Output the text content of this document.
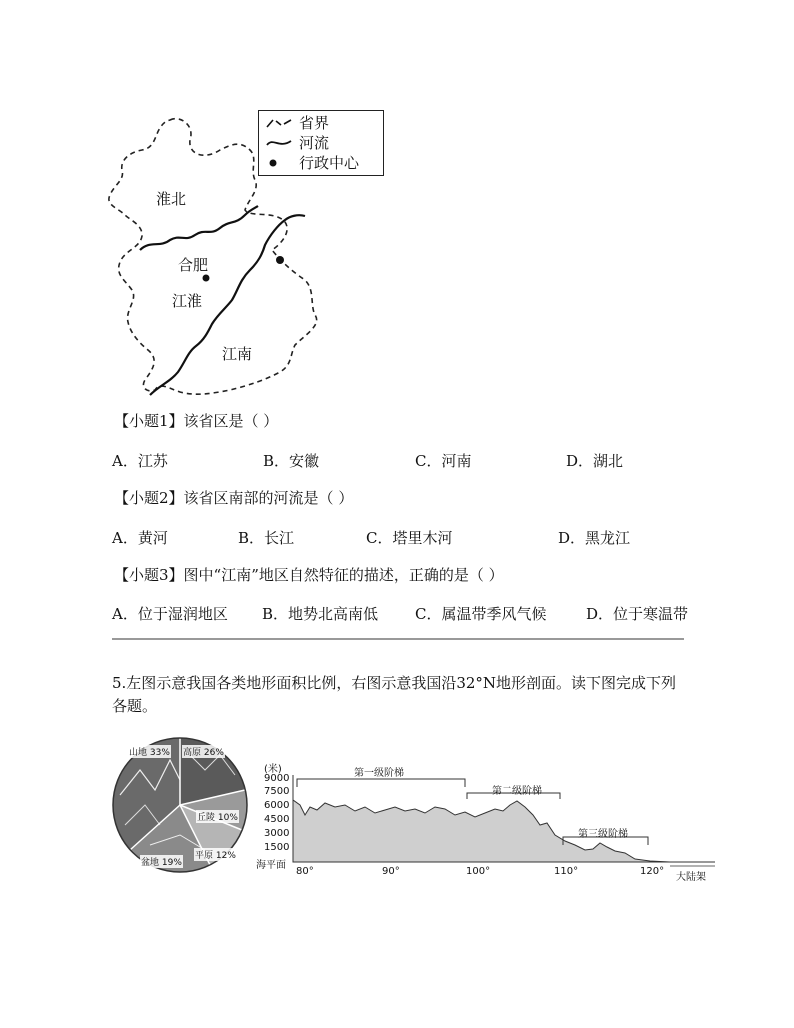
淮北
合肥
江淮
江南
省界
河流
行政中心
【小题1】该省区是（ ）
A．江苏	B．安徽	C．河南	D．湖北
【小题2】该省区南部的河流是（ ）
A．黄河	B．长江	C．塔里木河	D．黑龙江
【小题3】图中“江南”地区自然特征的描述，正确的是（ ）
A．位于湿润地区 B．地势北高南低 C．属温带季风气候	D．位于寒温带
5.左图示意我国各类地形面积比例，右图示意我国沿32°N地形剖面。读下图完成下列
各题。
山地 33% 高原 26%
丘陵 10%
平原 12%
盆地 19%
(米)
9000
7500
6000
4500
3000
1500
海平面
80°	90°	100°	110°	120°
第一级阶梯
第二级阶梯
第三级阶梯
大陆架
